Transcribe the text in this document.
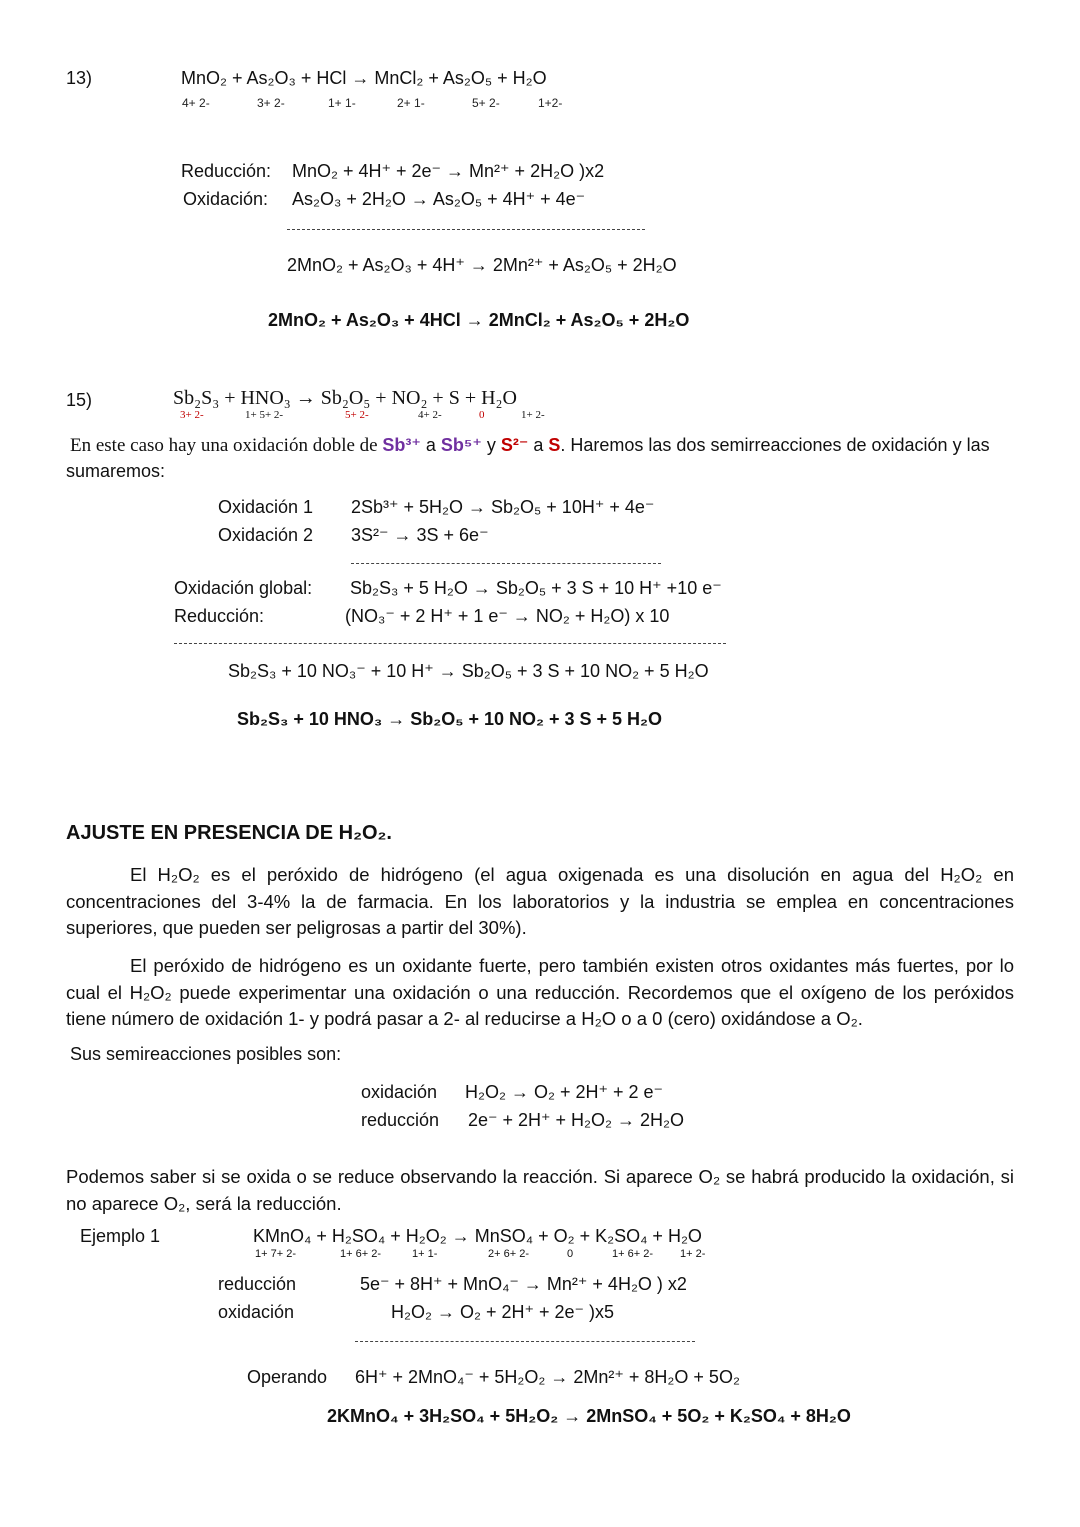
13)	MnO₂ + As₂O₃ + HCl → MnCl₂ + As₂O₅ + H₂O
4+ 2-	3+ 2-	1+ 1-	2+ 1-	5+ 2-	1+2-
Reducción: MnO₂ + 4H⁺ + 2e⁻ → Mn²⁺ + 2H₂O )x2
Oxidación: As₂O₃ + 2H₂O → As₂O₅ + 4H⁺ + 4e⁻
2MnO₂ + As₂O₃ + 4H⁺ → 2Mn²⁺ + As₂O₅ + 2H₂O
2MnO₂ + As₂O₃ + 4HCl → 2MnCl₂ + As₂O₅ + 2H₂O
15)	Sb₂S₃ + HNO₃ → Sb₂O₅ + NO₂ + S + H₂O
3+ 2-	1+ 5+ 2-	5+ 2-	4+ 2-	0	1+ 2-
En este caso hay una oxidación doble de Sb³⁺ a Sb⁵⁺ y S²⁻ a S. Haremos las dos semirreacciones de oxidación y las
sumaremos:
Oxidación 1 2Sb³⁺ + 5H₂O → Sb₂O₅ + 10H⁺ + 4e⁻
Oxidación 2 3S²⁻ → 3S + 6e⁻
Oxidación global: Sb₂S₃ + 5 H₂O → Sb₂O₅ + 3 S + 10 H⁺ +10 e⁻
Reducción:	(NO₃⁻ + 2 H⁺ + 1 e⁻ → NO₂ + H₂O) x 10
Sb₂S₃ + 10 NO₃⁻ + 10 H⁺ → Sb₂O₅ + 3 S + 10 NO₂ + 5 H₂O
Sb₂S₃ + 10 HNO₃ → Sb₂O₅ + 10 NO₂ + 3 S + 5 H₂O
AJUSTE EN PRESENCIA DE H₂O₂.
El H₂O₂ es el peróxido de hidrógeno (el agua oxigenada es una disolución en agua del H₂O₂ en concentraciones del 3-4% la de farmacia. En los laboratorios y la industria se emplea en concentraciones superiores, que pueden ser peligrosas a partir del 30%).
El peróxido de hidrógeno es un oxidante fuerte, pero también existen otros oxidantes más fuertes, por lo cual el H₂O₂ puede experimentar una oxidación o una reducción. Recordemos que el oxígeno de los peróxidos tiene número de oxidación 1- y podrá pasar a 2- al reducirse a H₂O o a 0 (cero) oxidándose a O₂.
Sus semireacciones posibles son:
oxidación H₂O₂ → O₂ + 2H⁺ + 2 e⁻
reducción 2e⁻ + 2H⁺ + H₂O₂ → 2H₂O
Podemos saber si se oxida o se reduce observando la reacción. Si aparece O₂ se habrá producido la oxidación, si no aparece O₂, será la reducción.
Ejemplo 1	KMnO₄ + H₂SO₄ + H₂O₂ → MnSO₄ + O₂ + K₂SO₄ + H₂O
1+ 7+ 2-	1+ 6+ 2-	1+ 1-	2+ 6+ 2-	0	1+ 6+ 2- 1+ 2-
reducción	5e⁻ + 8H⁺ + MnO₄⁻ → Mn²⁺ + 4H₂O ) x2
oxidación	H₂O₂ → O₂ + 2H⁺ + 2e⁻ )x5
Operando 6H⁺ + 2MnO₄⁻ + 5H₂O₂ → 2Mn²⁺ + 8H₂O + 5O₂
2KMnO₄ + 3H₂SO₄ + 5H₂O₂ → 2MnSO₄ + 5O₂ + K₂SO₄ + 8H₂O
